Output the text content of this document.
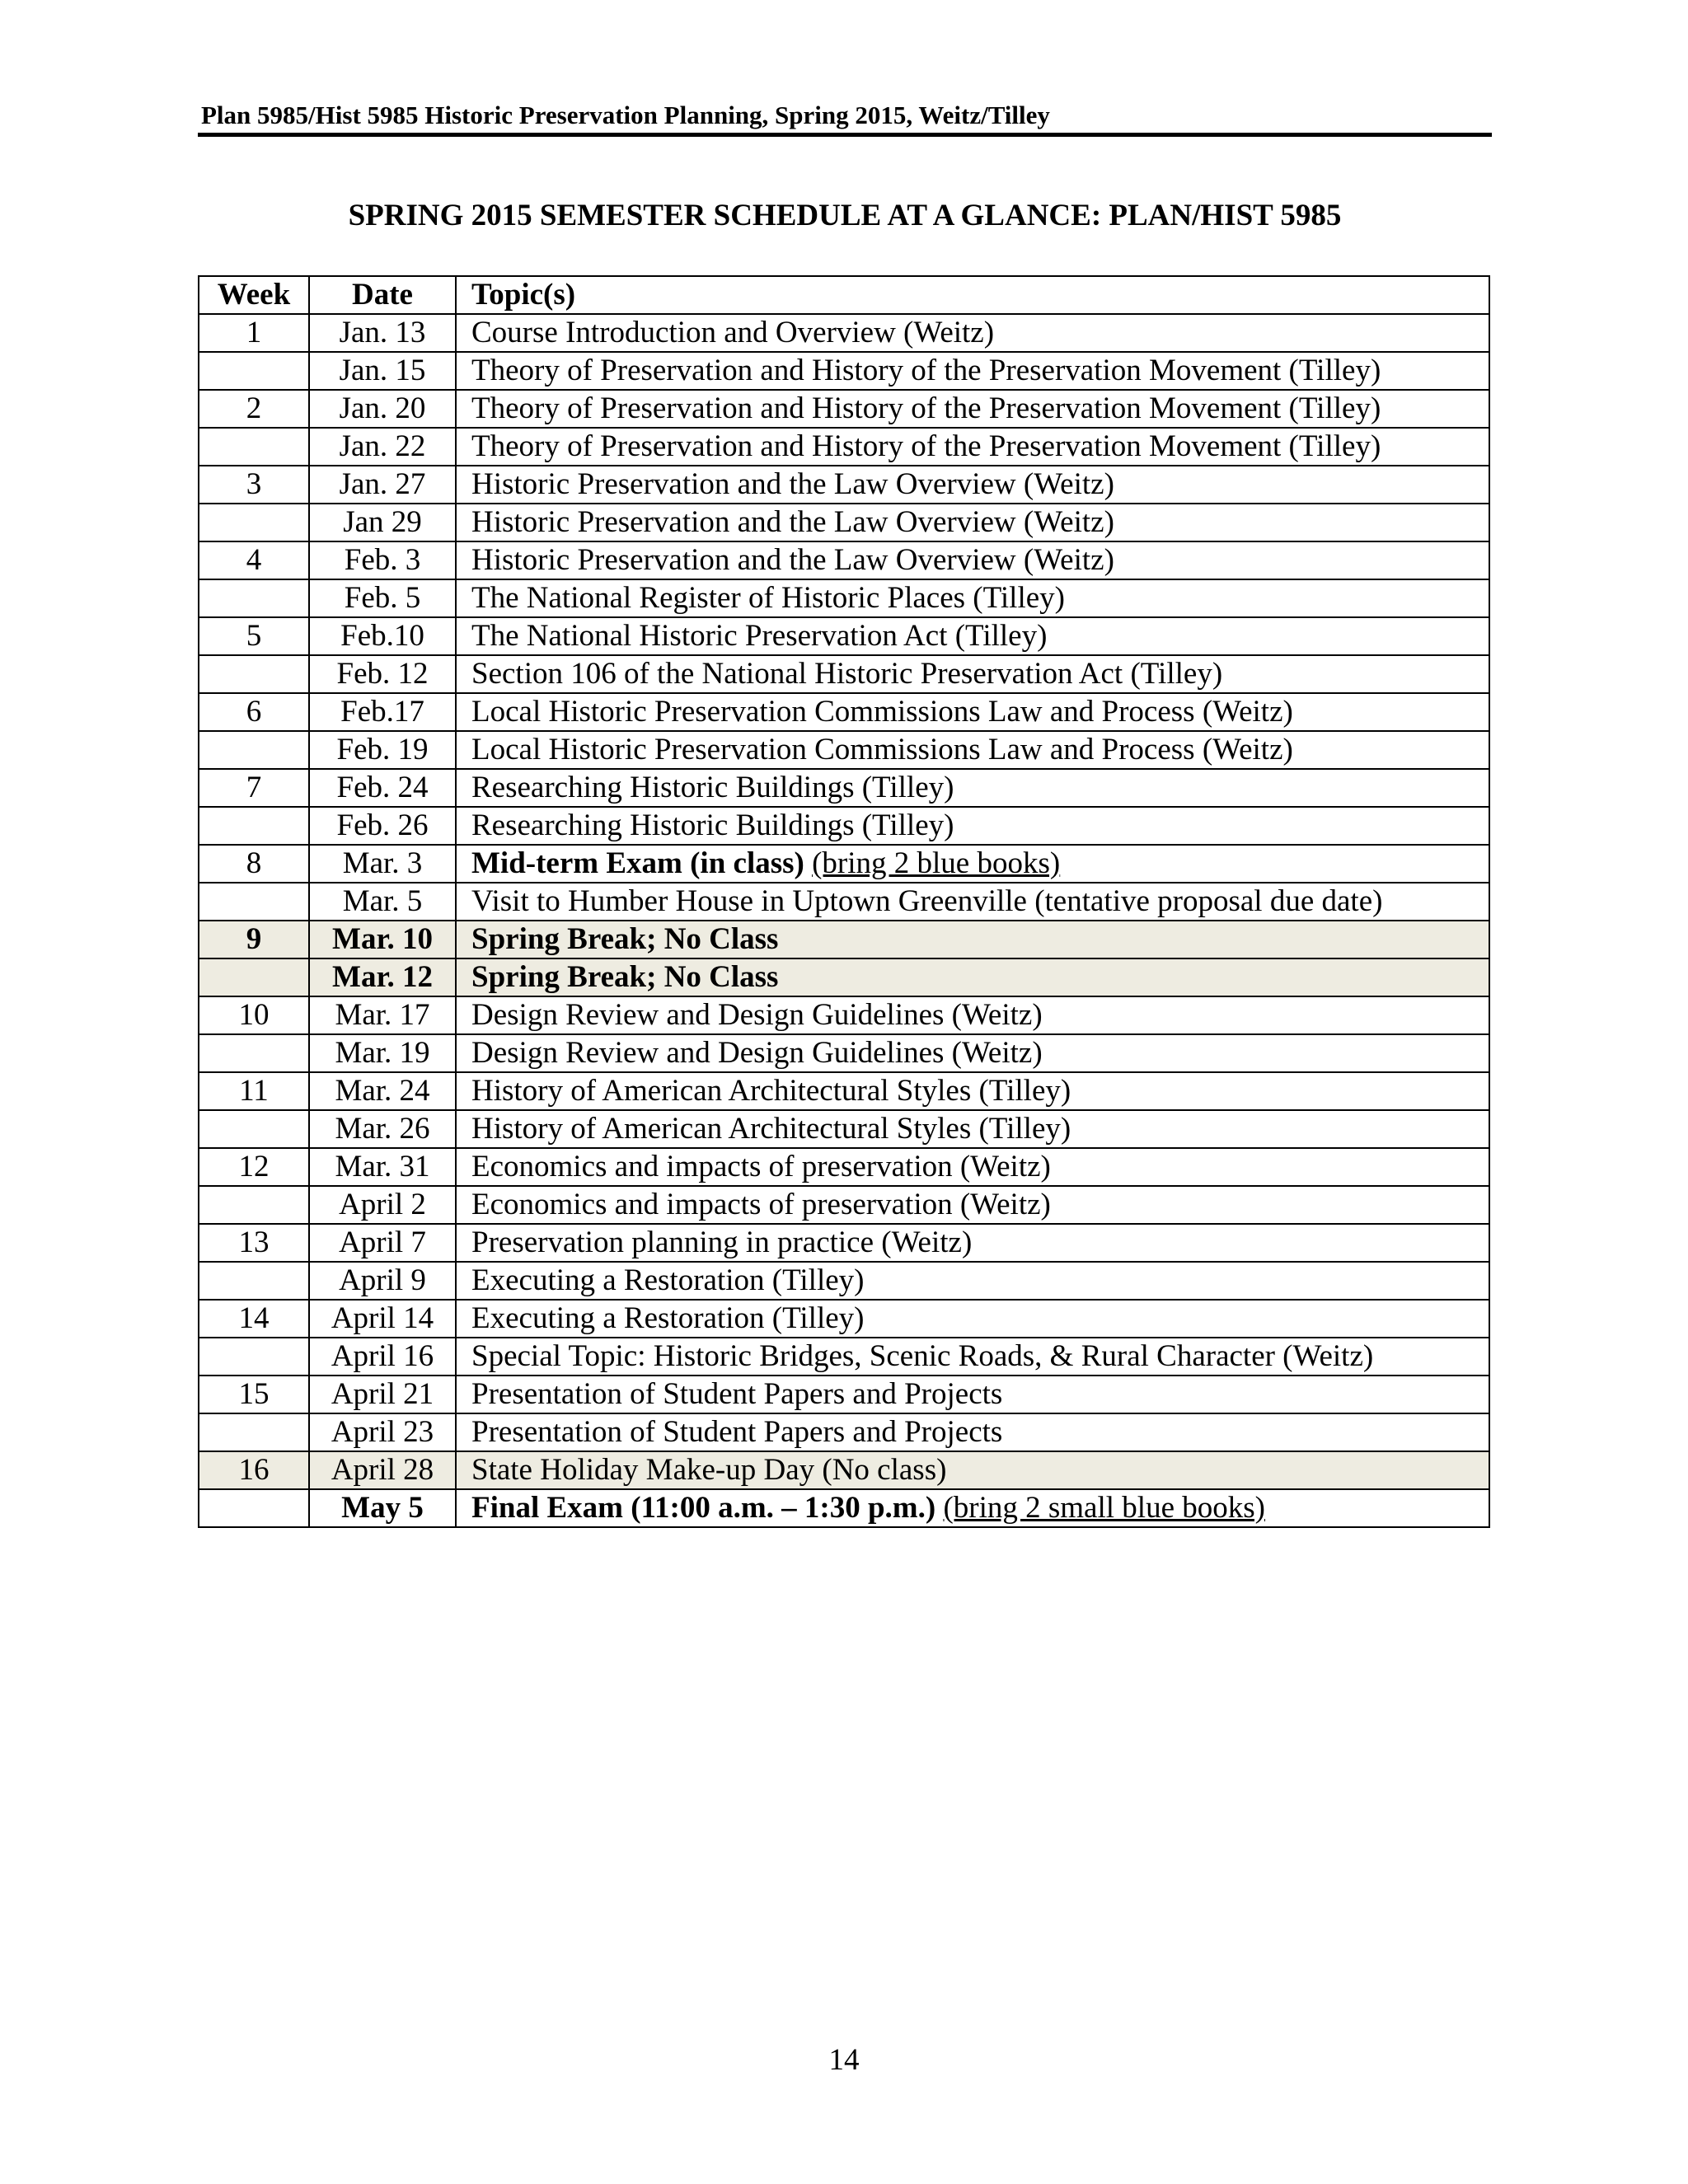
Plan 5985/Hist 5985 Historic Preservation Planning, Spring 2015, Weitz/Tilley
SPRING 2015 SEMESTER SCHEDULE AT A GLANCE: PLAN/HIST 5985
Week	Date	Topic(s)
1	Jan. 13	Course Introduction and Overview (Weitz)
	Jan. 15	Theory of Preservation and History of the Preservation Movement (Tilley)
2	Jan. 20	Theory of Preservation and History of the Preservation Movement (Tilley)
	Jan. 22	Theory of Preservation and History of the Preservation Movement (Tilley)
3	Jan. 27	Historic Preservation and the Law Overview (Weitz)
	Jan 29	Historic Preservation and the Law Overview (Weitz)
4	Feb. 3	Historic Preservation and the Law Overview (Weitz)
	Feb. 5	The National Register of Historic Places (Tilley)
5	Feb.10	The National Historic Preservation Act (Tilley)
	Feb. 12	Section 106 of the National Historic Preservation Act (Tilley)
6	Feb.17	Local Historic Preservation Commissions Law and Process (Weitz)
	Feb. 19	Local Historic Preservation Commissions Law and Process (Weitz)
7	Feb. 24	Researching Historic Buildings (Tilley)
	Feb. 26	Researching Historic Buildings (Tilley)
8	Mar. 3	Mid-term Exam (in class) (bring 2 blue books)
	Mar. 5	Visit to Humber House in Uptown Greenville (tentative proposal due date)
9	Mar. 10	Spring Break; No Class
	Mar. 12	Spring Break; No Class
10	Mar. 17	Design Review and Design Guidelines (Weitz)
	Mar. 19	Design Review and Design Guidelines (Weitz)
11	Mar. 24	History of American Architectural Styles (Tilley)
	Mar. 26	History of American Architectural Styles (Tilley)
12	Mar. 31	Economics and impacts of preservation (Weitz)
	April 2	Economics and impacts of preservation (Weitz)
13	April 7	Preservation planning in practice (Weitz)
	April 9	Executing a Restoration (Tilley)
14	April 14	Executing a Restoration (Tilley)
	April 16	Special Topic: Historic Bridges, Scenic Roads, & Rural Character (Weitz)
15	April 21	Presentation of Student Papers and Projects
	April 23	Presentation of Student Papers and Projects
16	April 28	State Holiday Make-up Day (No class)
	May 5	Final Exam (11:00 a.m. – 1:30 p.m.) (bring 2 small blue books)
14
